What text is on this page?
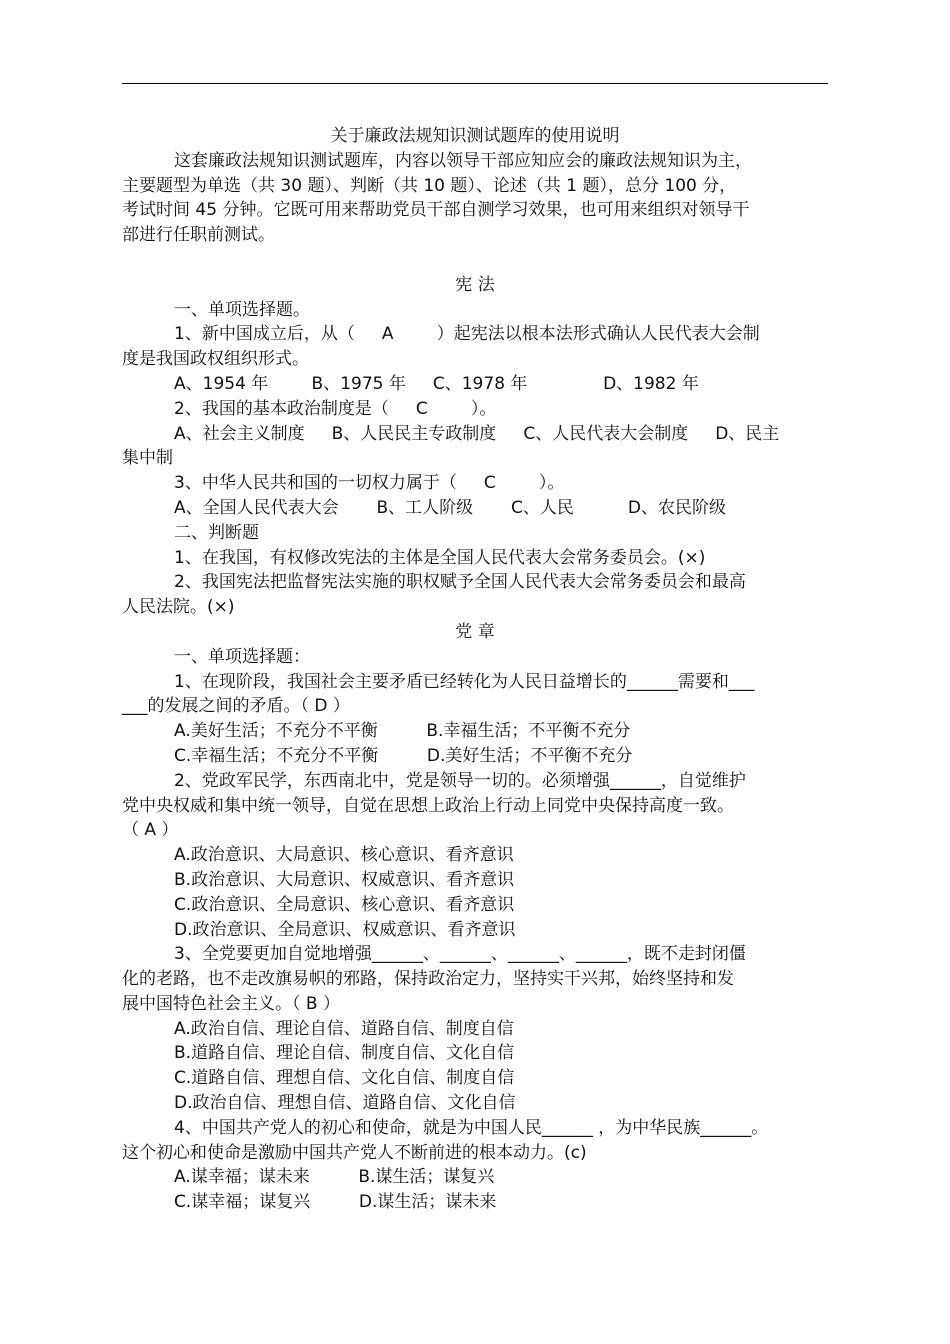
关于廉政法规知识测试题库的使用说明
这套廉政法规知识测试题库，内容以领导干部应知应会的廉政法规知识为主，
主要题型为单选（共 30 题）、判断（共 10 题）、论述（共 1 题），总分 100 分，
考试时间 45 分钟。它既可用来帮助党员干部自测学习效果，也可用来组织对领导干
部进行任职前测试。
宪 法
一、单项选择题。
1、新中国成立后，从（     A        ）起宪法以根本法形式确认人民代表大会制
度是我国政权组织形式。
A、1954 年        B、1975 年     C、1978 年              D、1982 年
2、我国的基本政治制度是（     C        ）。
A、社会主义制度     B、人民民主专政制度     C、人民代表大会制度     D、民主
集中制
3、中华人民共和国的一切权力属于（     C        ）。
A、全国人民代表大会       B、工人阶级       C、人民          D、农民阶级
二、判断题
1、在我国，有权修改宪法的主体是全国人民代表大会常务委员会。(×)
2、我国宪法把监督宪法实施的职权赋予全国人民代表大会常务委员会和最高
人民法院。(×)
党 章
一、单项选择题：
1、在现阶段，我国社会主要矛盾已经转化为人民日益增长的______需要和___
___的发展之间的矛盾。（ D ）
A.美好生活；不充分不平衡         B.幸福生活；不平衡不充分
C.幸福生活；不充分不平衡         D.美好生活；不平衡不充分
2、党政军民学，东西南北中，党是领导一切的。必须增强______，自觉维护
党中央权威和集中统一领导，自觉在思想上政治上行动上同党中央保持高度一致。
（ A ）
A.政治意识、大局意识、核心意识、看齐意识
B.政治意识、大局意识、权威意识、看齐意识
C.政治意识、全局意识、核心意识、看齐意识
D.政治意识、全局意识、权威意识、看齐意识
3、全党要更加自觉地增强______、______、______、______，既不走封闭僵
化的老路，也不走改旗易帜的邪路，保持政治定力，坚持实干兴邦，始终坚持和发
展中国特色社会主义。（ B ）
A.政治自信、理论自信、道路自信、制度自信
B.道路自信、理论自信、制度自信、文化自信
C.道路自信、理想自信、文化自信、制度自信
D.政治自信、理想自信、道路自信、文化自信
4、中国共产党人的初心和使命，就是为中国人民______ ，为中华民族______。
这个初心和使命是激励中国共产党人不断前进的根本动力。(c)
A.谋幸福；谋未来         B.谋生活；谋复兴
C.谋幸福；谋复兴         D.谋生活；谋未来
